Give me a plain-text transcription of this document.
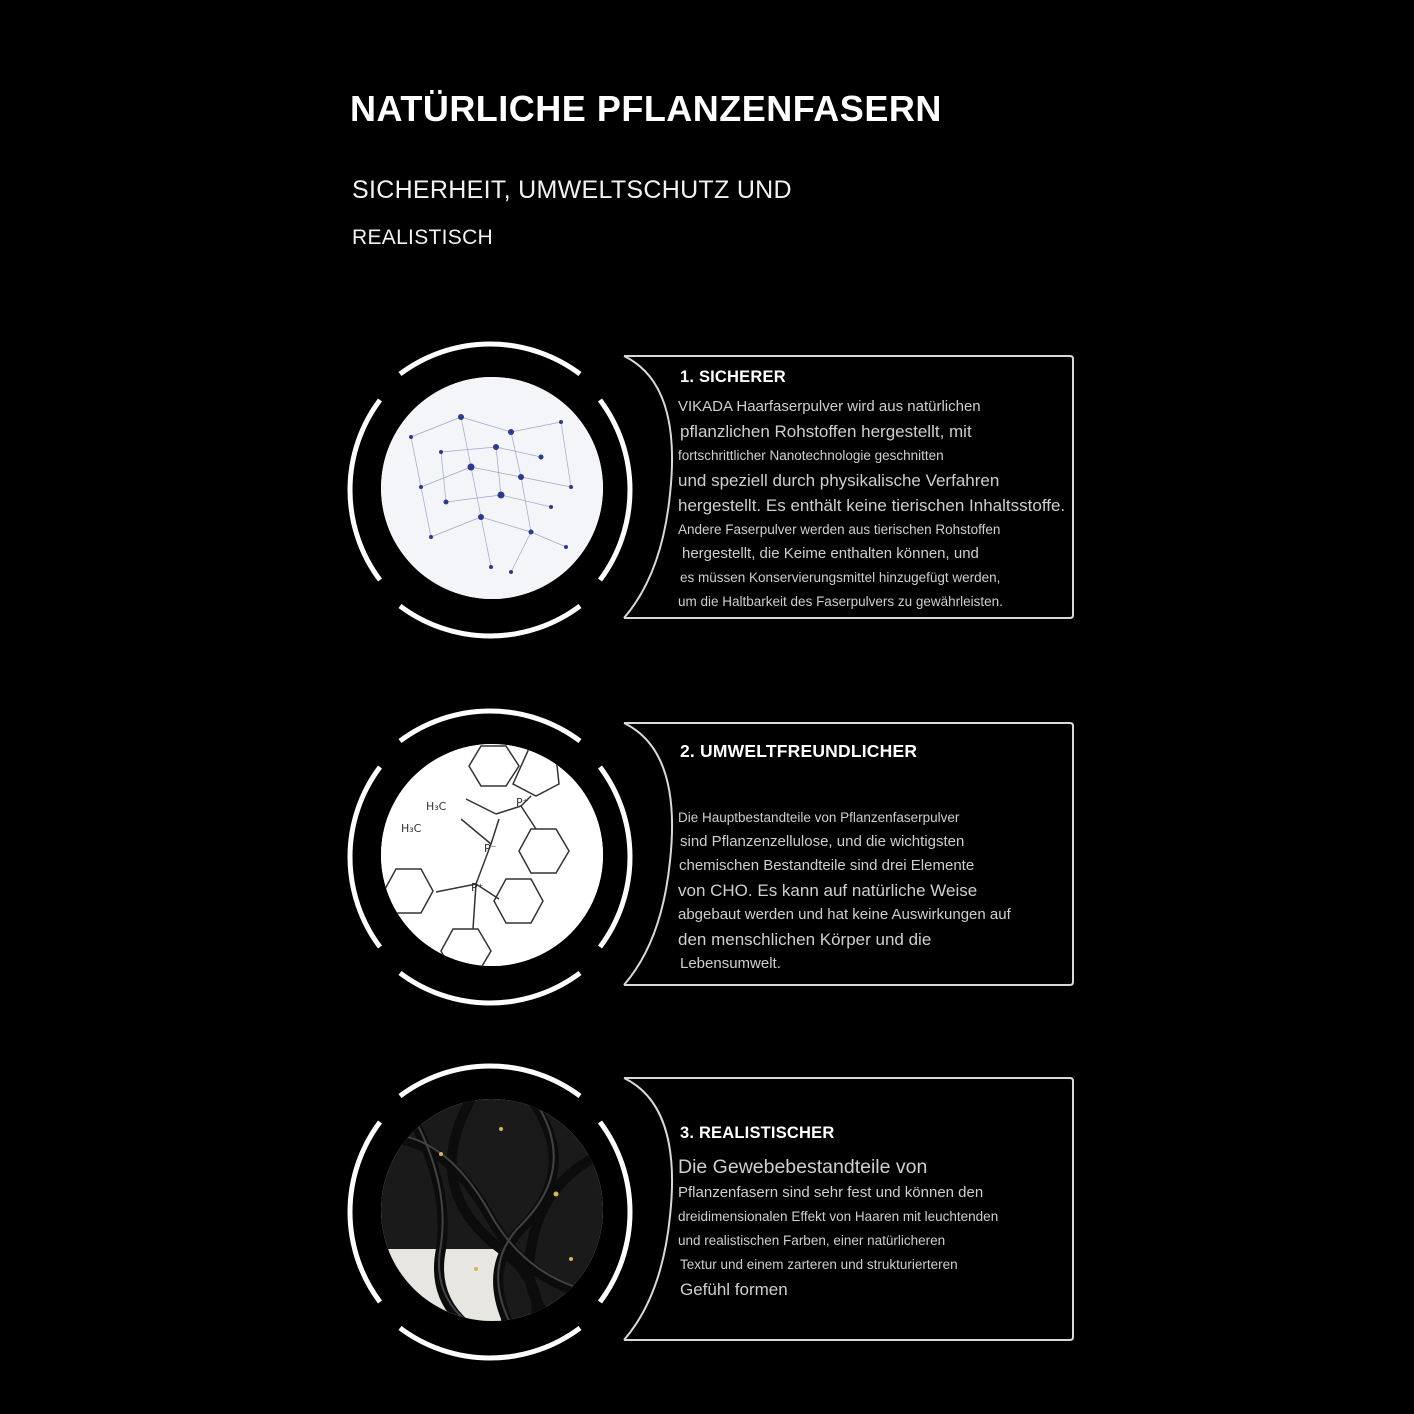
NATÜRLICHE PFLANZENFASERN
SICHERHEIT, UMWELTSCHUTZ UND
REALISTISCH
1. SICHERER
VIKADA Haarfaserpulver wird aus natürlichen
pflanzlichen Rohstoffen hergestellt, mit
fortschrittlicher Nanotechnologie geschnitten
und speziell durch physikalische Verfahren
hergestellt. Es enthält keine tierischen Inhaltsstoffe.
Andere Faserpulver werden aus tierischen Rohstoffen
hergestellt, die Keime enthalten können, und
es müssen Konservierungsmittel hinzugefügt werden,
um die Haltbarkeit des Faserpulvers zu gewährleisten.
H₃C
H₃C
P⁺
P⁻
P⁺
2. UMWELTFREUNDLICHER
Die Hauptbestandteile von Pflanzenfaserpulver
sind Pflanzenzellulose, und die wichtigsten
chemischen Bestandteile sind drei Elemente
von CHO. Es kann auf natürliche Weise
abgebaut werden und hat keine Auswirkungen auf
den menschlichen Körper und die
Lebensumwelt.
3. REALISTISCHER
Die Gewebebestandteile von
Pflanzenfasern sind sehr fest und können den
dreidimensionalen Effekt von Haaren mit leuchtenden
und realistischen Farben, einer natürlicheren
Textur und einem zarteren und strukturierteren
Gefühl formen
